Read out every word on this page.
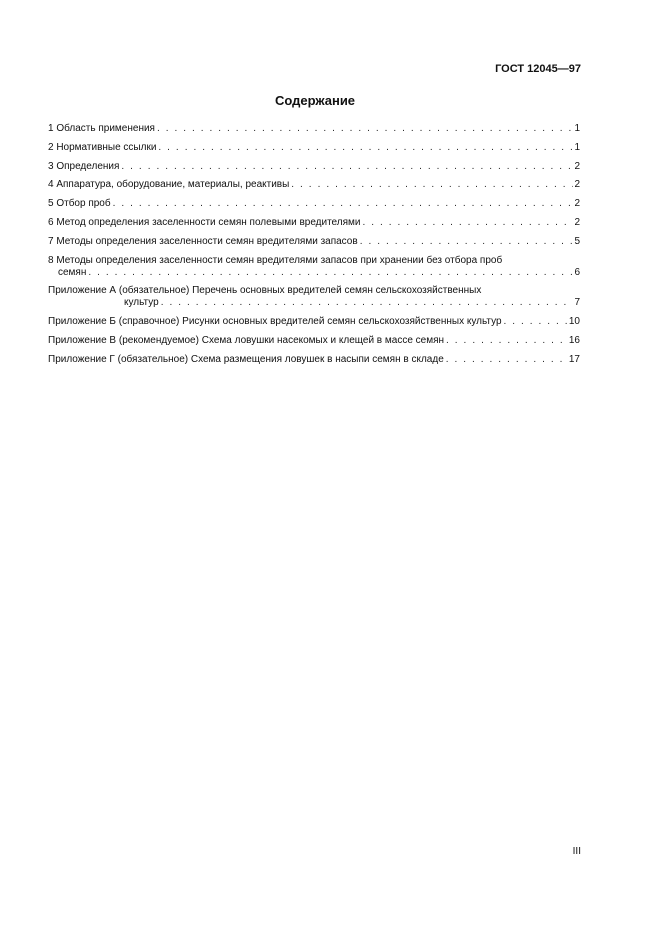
ГОСТ 12045—97
Содержание
1 Область применения . . .	1
2 Нормативные ссылки . . .	1
3 Определения . . .	2
4 Аппаратура, оборудование, материалы, реактивы . . .	2
5 Отбор проб . . .	2
6 Метод определения заселенности семян полевыми вредителями . . .	2
7 Методы определения заселенности семян вредителями запасов . . .	5
8 Методы определения заселенности семян вредителями запасов при хранении без отбора проб
семян . . .	6
Приложение А (обязательное) Перечень основных вредителей семян сельскохозяйственных
культур . . .	7
Приложение Б (справочное) Рисунки основных вредителей семян сельскохозяйственных культур . . .	10
Приложение В (рекомендуемое) Схема ловушки насекомых и клещей в массе семян . . .	16
Приложение Г (обязательное) Схема размещения ловушек в насыпи семян в складе . . .	17
III
